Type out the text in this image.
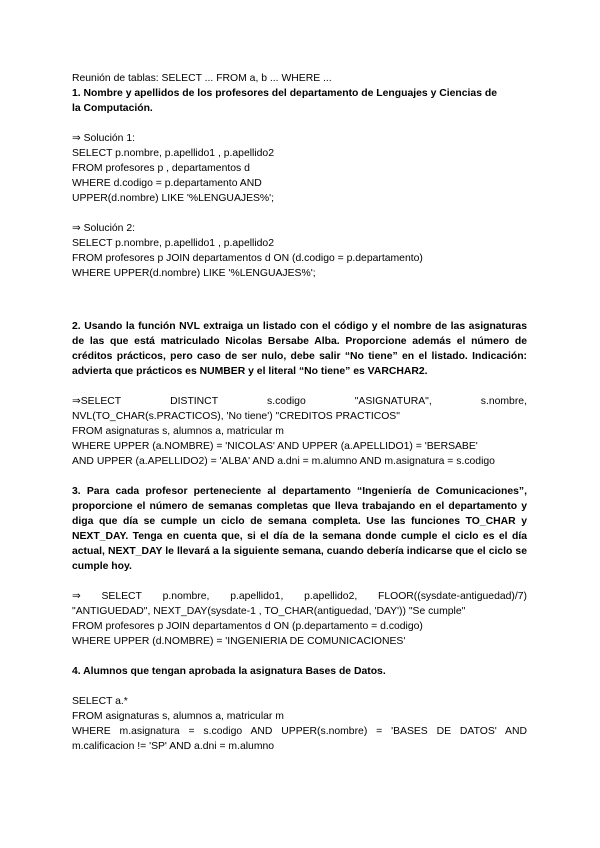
Reunión de tablas: SELECT ... FROM a, b ... WHERE ...
1. Nombre y apellidos de los profesores del departamento de Lenguajes y Ciencias de
la Computación.
⇒ Solución 1:
SELECT p.nombre, p.apellido1 , p.apellido2
FROM profesores p , departamentos d
WHERE d.codigo = p.departamento AND
UPPER(d.nombre) LIKE '%LENGUAJES%';
⇒ Solución 2:
SELECT p.nombre, p.apellido1 , p.apellido2
FROM profesores p JOIN departamentos d ON (d.codigo = p.departamento)
WHERE UPPER(d.nombre) LIKE '%LENGUAJES%';
2. Usando la función NVL extraiga un listado con el código y el nombre de las asignaturas de las que está matriculado Nicolas Bersabe Alba. Proporcione además el número de créditos prácticos, pero caso de ser nulo, debe salir “No tiene” en el listado. Indicación: advierta que prácticos es NUMBER y el literal “No tiene” es VARCHAR2.
⇒SELECT	DISTINCT	s.codigo	"ASIGNATURA",	s.nombre,
NVL(TO_CHAR(s.PRACTICOS), 'No tiene') "CREDITOS PRACTICOS"
FROM asignaturas s, alumnos a, matricular m
WHERE UPPER (a.NOMBRE) = 'NICOLAS' AND UPPER (a.APELLIDO1) = 'BERSABE'
AND UPPER (a.APELLIDO2) = 'ALBA' AND a.dni = m.alumno AND m.asignatura = s.codigo
3. Para cada profesor perteneciente al departamento “Ingeniería de Comunicaciones”, proporcione el número de semanas completas que lleva trabajando en el departamento y diga que día se cumple un ciclo de semana completa. Use las funciones TO_CHAR y NEXT_DAY. Tenga en cuenta que, si el día de la semana donde cumple el ciclo es el día actual, NEXT_DAY le llevará a la siguiente semana, cuando debería indicarse que el ciclo se cumple hoy.
⇒ SELECT p.nombre, p.apellido1, p.apellido2, FLOOR((sysdate-antiguedad)/7)
"ANTIGUEDAD", NEXT_DAY(sysdate-1 , TO_CHAR(antiguedad, 'DAY')) "Se cumple"
FROM profesores p JOIN departamentos d ON (p.departamento = d.codigo)
WHERE UPPER (d.NOMBRE) = 'INGENIERIA DE COMUNICACIONES'
4. Alumnos que tengan aprobada la asignatura Bases de Datos.
SELECT a.*
FROM asignaturas s, alumnos a, matricular m
WHERE m.asignatura = s.codigo AND UPPER(s.nombre) = 'BASES DE DATOS' AND m.calificacion != 'SP' AND a.dni = m.alumno
